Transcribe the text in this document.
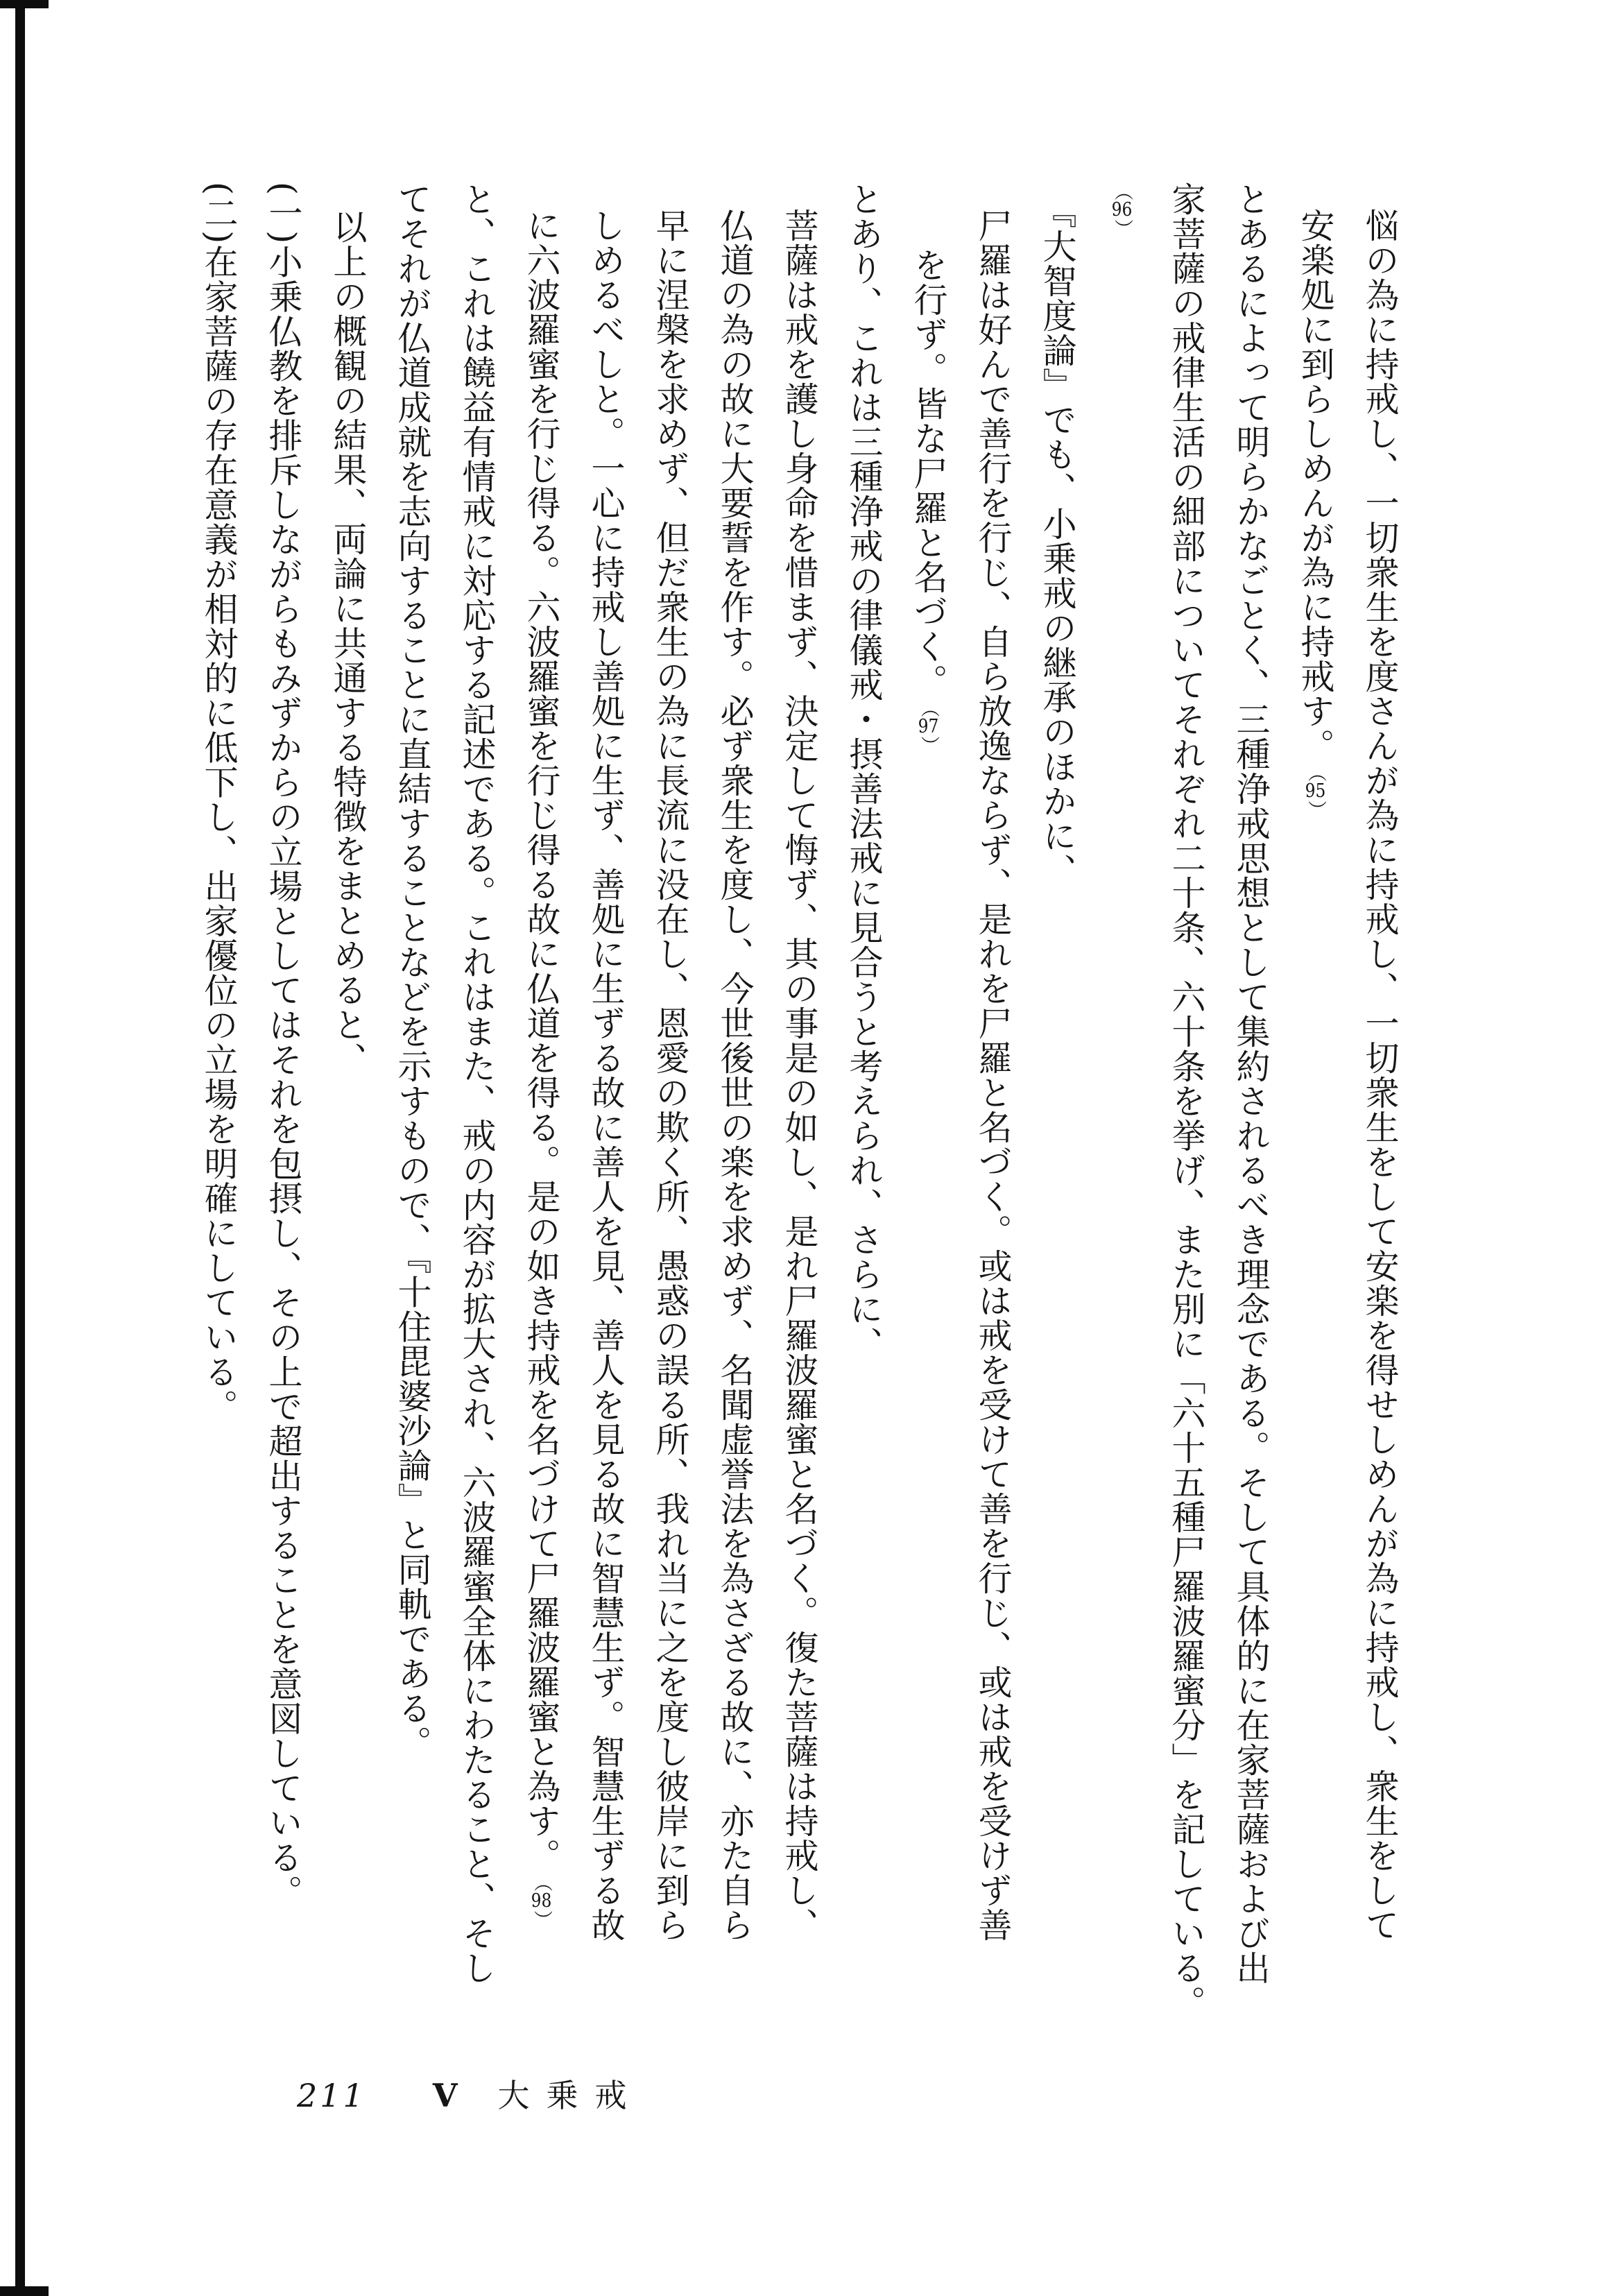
悩の為に持戒し、一切衆生を度さんが為に持戒し、一切衆生をして安楽を得せしめんが為に持戒し、衆生をして
安楽処に到らしめんが為に持戒す。︵ 95 ︶
とあるによって明らかなごとく、三種浄戒思想として集約されるべき理念である。そして具体的に在家菩薩および出
家菩薩の戒律生活の細部についてそれぞれ二十条、六十条を挙げ、また別に「六十五種尸羅波羅蜜分」を記している。︵ 96 ︶
『大智度論』でも、小乗戒の継承のほかに、
尸羅は好んで善行を行じ、自ら放逸ならず、是れを尸羅と名づく。或は戒を受けて善を行じ、或は戒を受けず善
を行ず。皆な尸羅と名づく。︵ 97 ︶
とあり、これは三種浄戒の律儀戒・摂善法戒に見合うと考えられ、さらに、
菩薩は戒を護し身命を惜まず、決定して悔ず、其の事是の如し、是れ尸羅波羅蜜と名づく。復た菩薩は持戒し、
仏道の為の故に大要誓を作す。必ず衆生を度し、今世後世の楽を求めず、名聞虚誉法を為さざる故に、亦た自ら
早に涅槃を求めず、但だ衆生の為に長流に没在し、恩愛の欺く所、愚惑の誤る所、我れ当に之を度し彼岸に到ら
しめるべしと。一心に持戒し善処に生ず、善処に生ずる故に善人を見、善人を見る故に智慧生ず。智慧生ずる故
に六波羅蜜を行じ得る。六波羅蜜を行じ得る故に仏道を得る。是の如き持戒を名づけて尸羅波羅蜜と為す。︵ 98 ︶
と、これは饒益有情戒に対応する記述である。これはまた、戒の内容が拡大され、六波羅蜜全体にわたること、そし
てそれが仏道成就を志向することに直結することなどを示すもので、『十住毘婆沙論』と同軌である。
以上の概観の結果、両論に共通する特徴をまとめると、
(一)小乗仏教を排斥しながらもみずからの立場としてはそれを包摂し、その上で超出することを意図している。
(二)在家菩薩の存在意義が相対的に低下し、出家優位の立場を明確にしている。
211 V 大乗戒
